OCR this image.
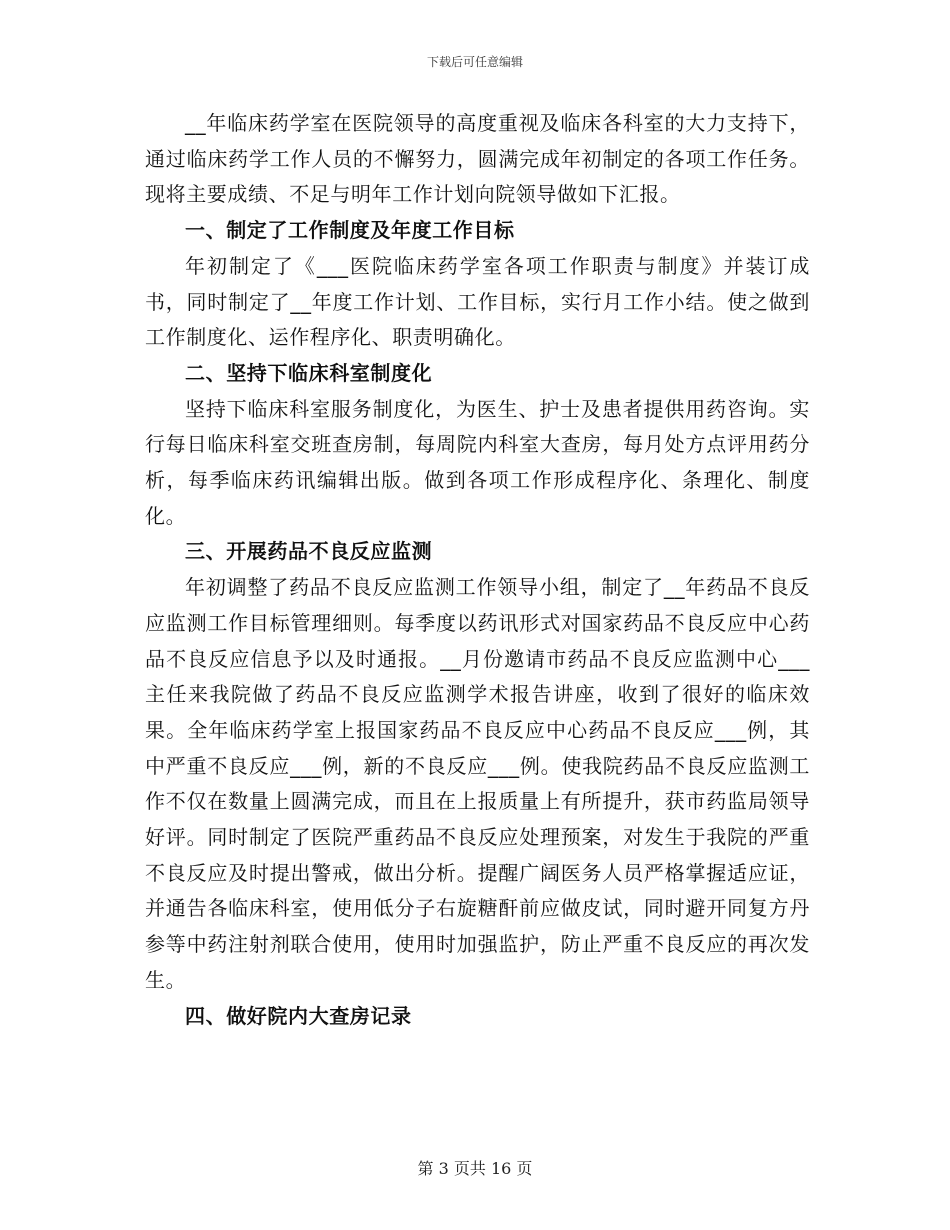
下载后可任意编辑

__年临床药学室在医院领导的高度重视及临床各科室的大力支持下，通过临床药学工作人员的不懈努力，圆满完成年初制定的各项工作任务。现将主要成绩、不足与明年工作计划向院领导做如下汇报。

一、制定了工作制度及年度工作目标

年初制定了《___医院临床药学室各项工作职责与制度》并装订成书，同时制定了__年度工作计划、工作目标，实行月工作小结。使之做到工作制度化、运作程序化、职责明确化。

二、坚持下临床科室制度化

坚持下临床科室服务制度化，为医生、护士及患者提供用药咨询。实行每日临床科室交班查房制，每周院内科室大查房，每月处方点评用药分析，每季临床药讯编辑出版。做到各项工作形成程序化、条理化、制度化。

三、开展药品不良反应监测

年初调整了药品不良反应监测工作领导小组，制定了__年药品不良反应监测工作目标管理细则。每季度以药讯形式对国家药品不良反应中心药品不良反应信息予以及时通报。__月份邀请市药品不良反应监测中心___主任来我院做了药品不良反应监测学术报告讲座，收到了很好的临床效果。全年临床药学室上报国家药品不良反应中心药品不良反应___例，其中严重不良反应___例，新的不良反应___例。使我院药品不良反应监测工作不仅在数量上圆满完成，而且在上报质量上有所提升，获市药监局领导好评。同时制定了医院严重药品不良反应处理预案，对发生于我院的严重不良反应及时提出警戒，做出分析。提醒广阔医务人员严格掌握适应证，并通告各临床科室，使用低分子右旋糖酐前应做皮试，同时避开同复方丹参等中药注射剂联合使用，使用时加强监护，防止严重不良反应的再次发生。

四、做好院内大查房记录
第 3 页共 16 页
